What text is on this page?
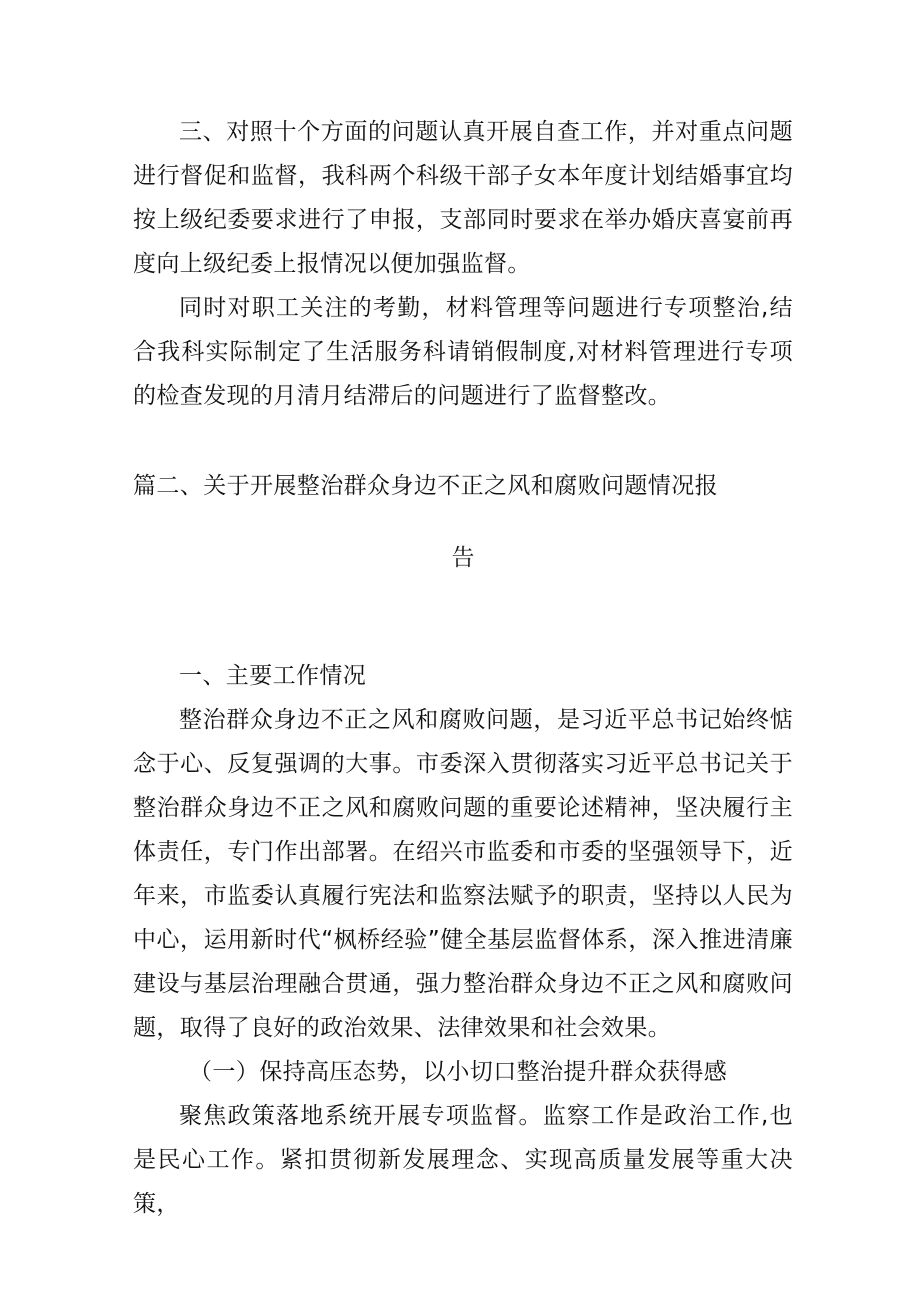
三、对照十个方面的问题认真开展自查工作，并对重点问题进行督促和监督，我科两个科级干部子女本年度计划结婚事宜均按上级纪委要求进行了申报，支部同时要求在举办婚庆喜宴前再度向上级纪委上报情况以便加强监督。

同时对职工关注的考勤，材料管理等问题进行专项整治,结合我科实际制定了生活服务科请销假制度,对材料管理进行专项的检查发现的月清月结滞后的问题进行了监督整改。

篇二、关于开展整治群众身边不正之风和腐败问题情况报

告

一、主要工作情况

整治群众身边不正之风和腐败问题，是习近平总书记始终惦念于心、反复强调的大事。市委深入贯彻落实习近平总书记关于整治群众身边不正之风和腐败问题的重要论述精神，坚决履行主体责任，专门作出部署。在绍兴市监委和市委的坚强领导下，近年来，市监委认真履行宪法和监察法赋予的职责，坚持以人民为中心，运用新时代“枫桥经验”健全基层监督体系，深入推进清廉建设与基层治理融合贯通，强力整治群众身边不正之风和腐败问题，取得了良好的政治效果、法律效果和社会效果。

（一）保持高压态势，以小切口整治提升群众获得感

聚焦政策落地系统开展专项监督。监察工作是政治工作,也是民心工作。紧扣贯彻新发展理念、实现高质量发展等重大决策，
